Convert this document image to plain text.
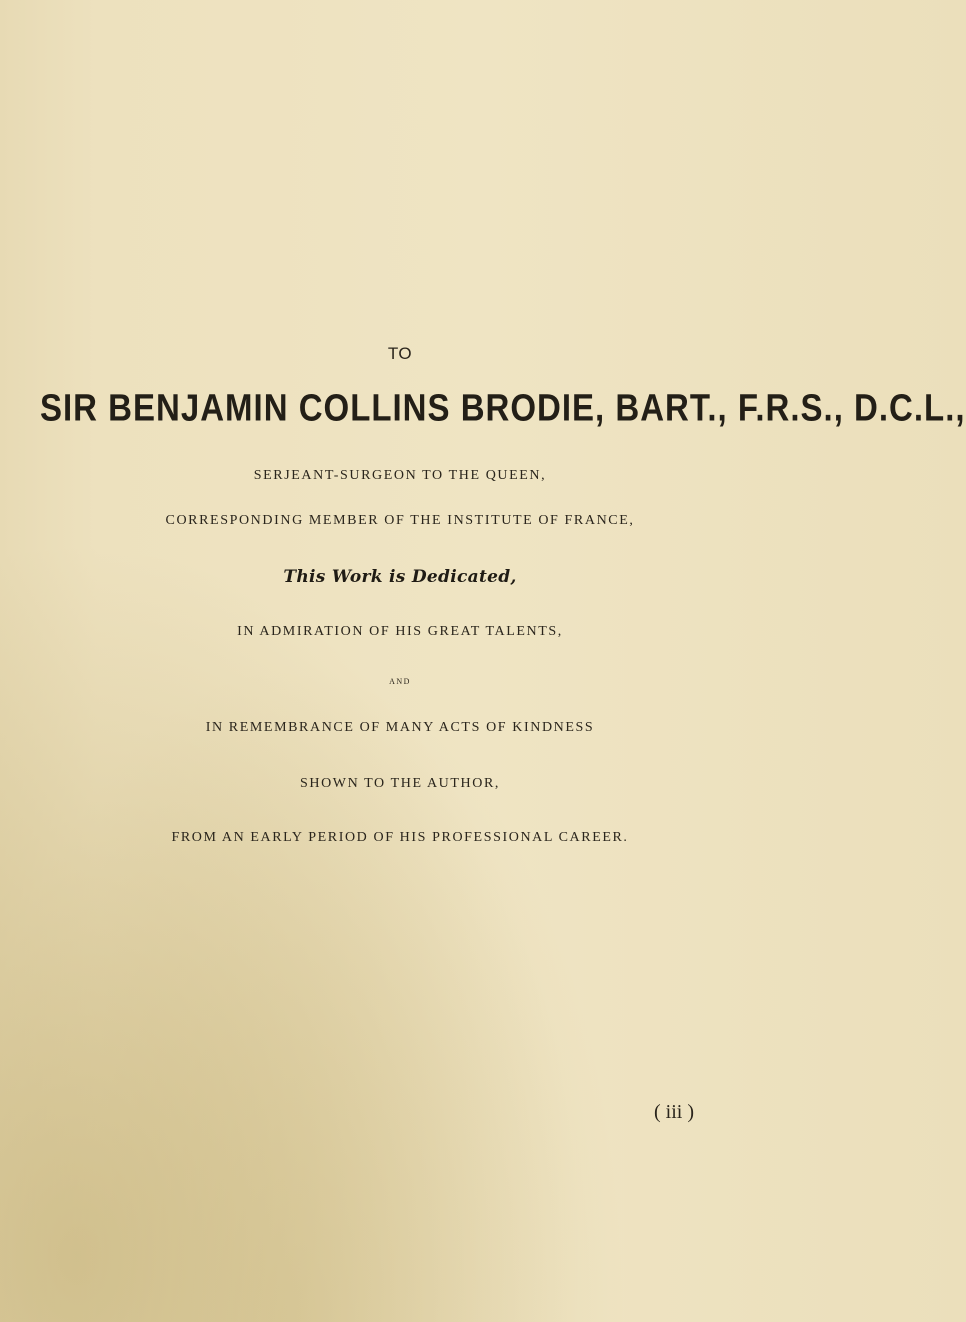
TO
SIR BENJAMIN COLLINS BRODIE, BART., F.R.S., D.C.L.,
SERJEANT-SURGEON TO THE QUEEN,
CORRESPONDING MEMBER OF THE INSTITUTE OF FRANCE,
This Work is Dedicated,
IN ADMIRATION OF HIS GREAT TALENTS,
AND
IN REMEMBRANCE OF MANY ACTS OF KINDNESS
SHOWN TO THE AUTHOR,
FROM AN EARLY PERIOD OF HIS PROFESSIONAL CAREER.
( iii )
